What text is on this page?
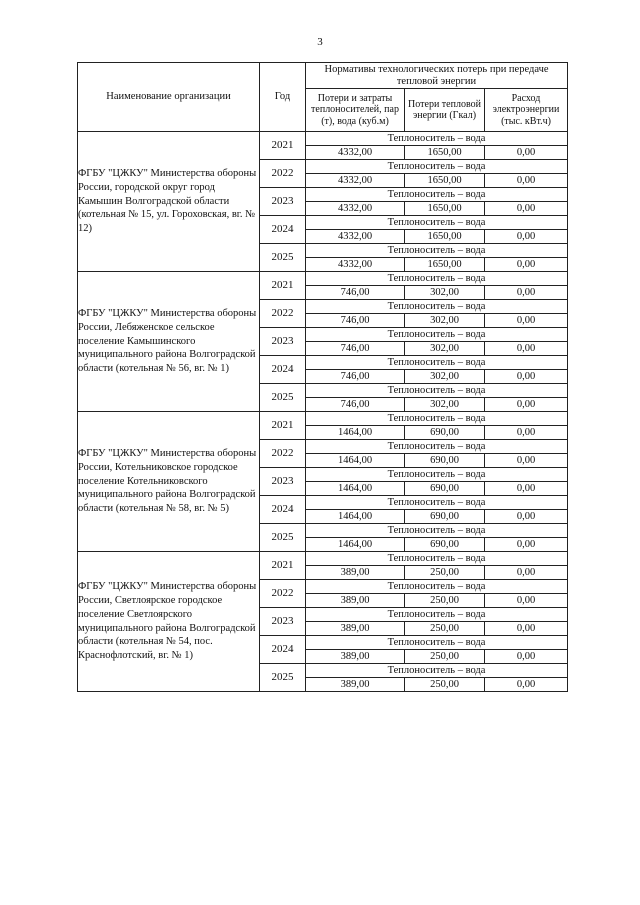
3
Наименование организации	Год	Нормативы технологических потерь при передаче тепловой энергии		
		Потери и затраты теплоносителей, пар (т), вода (куб.м)	Потери тепловой энергии (Гкал)	Расход электроэнергии (тыс. кВт.ч)
ФГБУ "ЦЖКУ" Министерства обороны России, городской округ город Камышин Волгоградской области (котельная № 15, ул. Гороховская, вг. № 12)	2021	Теплоноситель – вода		
		4332,00	1650,00	0,00
	2022	Теплоноситель – вода		
		4332,00	1650,00	0,00
	2023	Теплоноситель – вода		
		4332,00	1650,00	0,00
	2024	Теплоноситель – вода		
		4332,00	1650,00	0,00
	2025	Теплоноситель – вода		
		4332,00	1650,00	0,00
ФГБУ "ЦЖКУ" Министерства обороны России, Лебяженское сельское поселение Камышинского муниципального района Волгоградской области (котельная № 56, вг. № 1)	2021	Теплоноситель – вода		
		746,00	302,00	0,00
	2022	Теплоноситель – вода		
		746,00	302,00	0,00
	2023	Теплоноситель – вода		
		746,00	302,00	0,00
	2024	Теплоноситель – вода		
		746,00	302,00	0,00
	2025	Теплоноситель – вода		
		746,00	302,00	0,00
ФГБУ "ЦЖКУ" Министерства обороны России, Котельниковское городское поселение Котельниковского муниципального района Волгоградской области (котельная № 58, вг. № 5)	2021	Теплоноситель – вода		
		1464,00	690,00	0,00
	2022	Теплоноситель – вода		
		1464,00	690,00	0,00
	2023	Теплоноситель – вода		
		1464,00	690,00	0,00
	2024	Теплоноситель – вода		
		1464,00	690,00	0,00
	2025	Теплоноситель – вода		
		1464,00	690,00	0,00
ФГБУ "ЦЖКУ" Министерства обороны России, Светлоярское городское поселение Светлоярского муниципального района Волгоградской области (котельная № 54, пос. Краснофлотский, вг. № 1)	2021	Теплоноситель – вода		
		389,00	250,00	0,00
	2022	Теплоноситель – вода		
		389,00	250,00	0,00
	2023	Теплоноситель – вода		
		389,00	250,00	0,00
	2024	Теплоноситель – вода		
		389,00	250,00	0,00
	2025	Теплоноситель – вода		
		389,00	250,00	0,00
